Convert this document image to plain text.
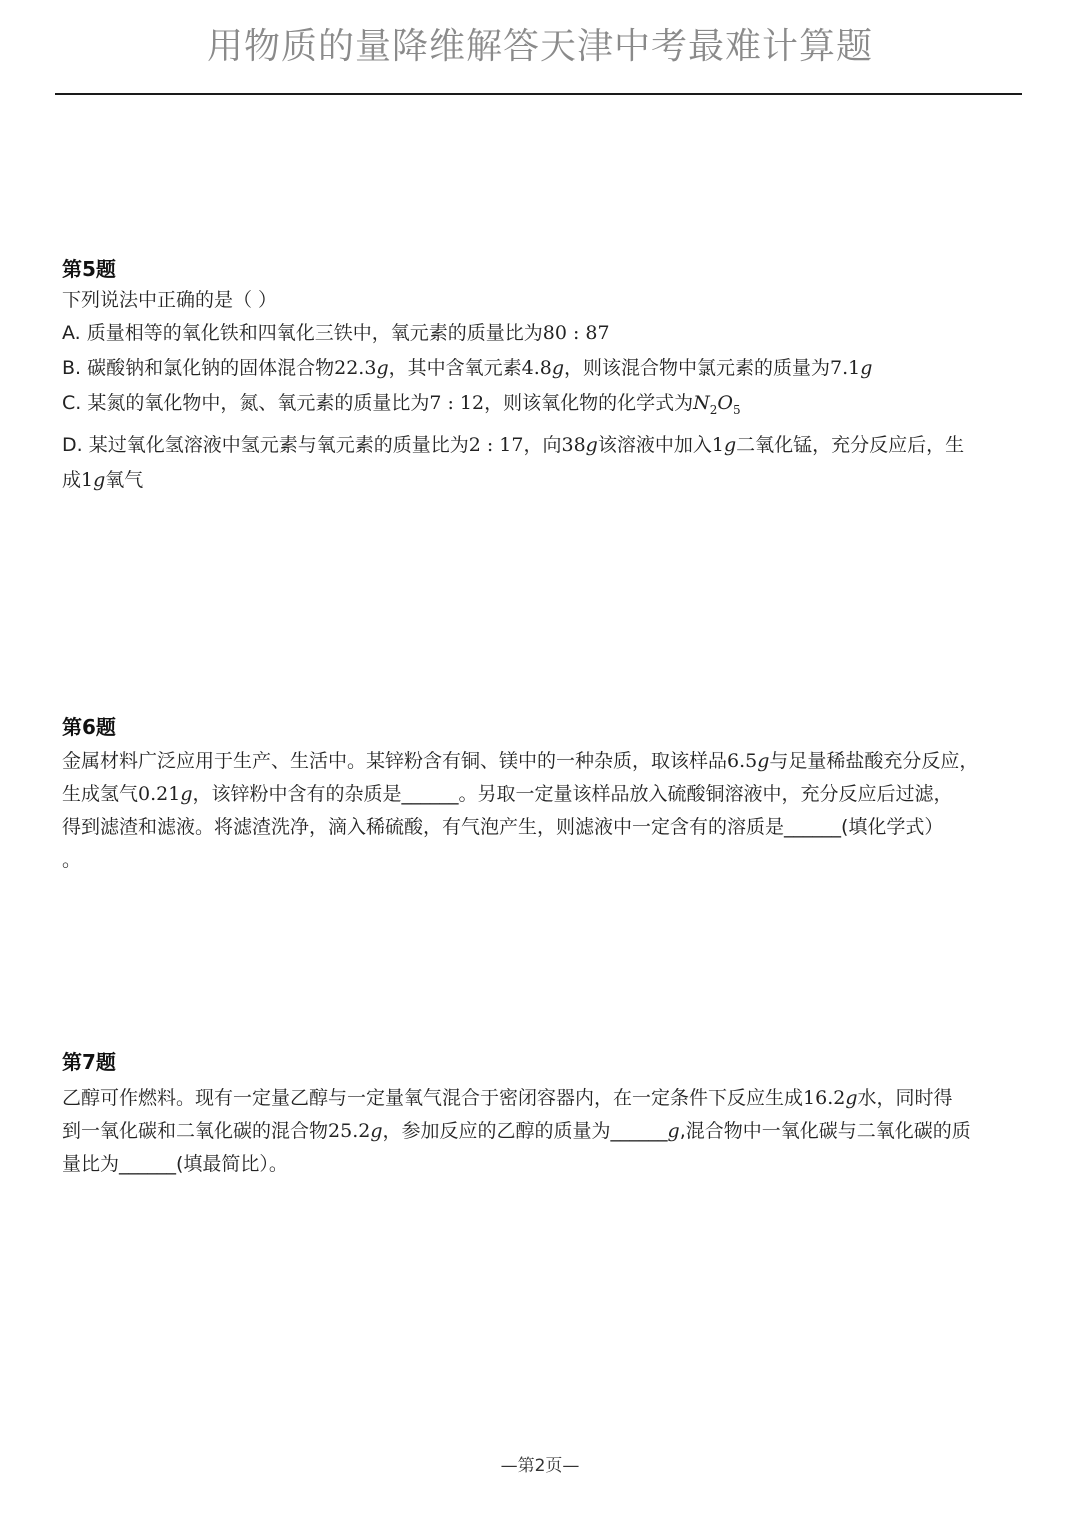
用物质的量降维解答天津中考最难计算题
第5题
下列说法中正确的是（ ）
A. 质量相等的氧化铁和四氧化三铁中，氧元素的质量比为80 : 87
B. 碳酸钠和氯化钠的固体混合物22.3g，其中含氧元素4.8g，则该混合物中氯元素的质量为7.1g
C. 某氮的氧化物中，氮、氧元素的质量比为7 : 12，则该氧化物的化学式为$N_2O_5$
D. 某过氧化氢溶液中氢元素与氧元素的质量比为2 : 17，向38g该溶液中加入1g二氧化锰，充分反应后，生
成1g氧气
第6题
金属材料广泛应用于生产、生活中。某锌粉含有铜、镁中的一种杂质，取该样品6.5g与足量稀盐酸充分反应，
生成氢气0.21g，该锌粉中含有的杂质是______。另取一定量该样品放入硫酸铜溶液中，充分反应后过滤，
得到滤渣和滤液。将滤渣洗净，滴入稀硫酸，有气泡产生，则滤液中一定含有的溶质是______(填化学式）
。
第7题
乙醇可作燃料。现有一定量乙醇与一定量氧气混合于密闭容器内，在一定条件下反应生成16.2g水，同时得
到一氧化碳和二氧化碳的混合物25.2g，参加反应的乙醇的质量为______g,混合物中一氧化碳与二氧化碳的质
量比为______(填最简比）。
—第2页—
